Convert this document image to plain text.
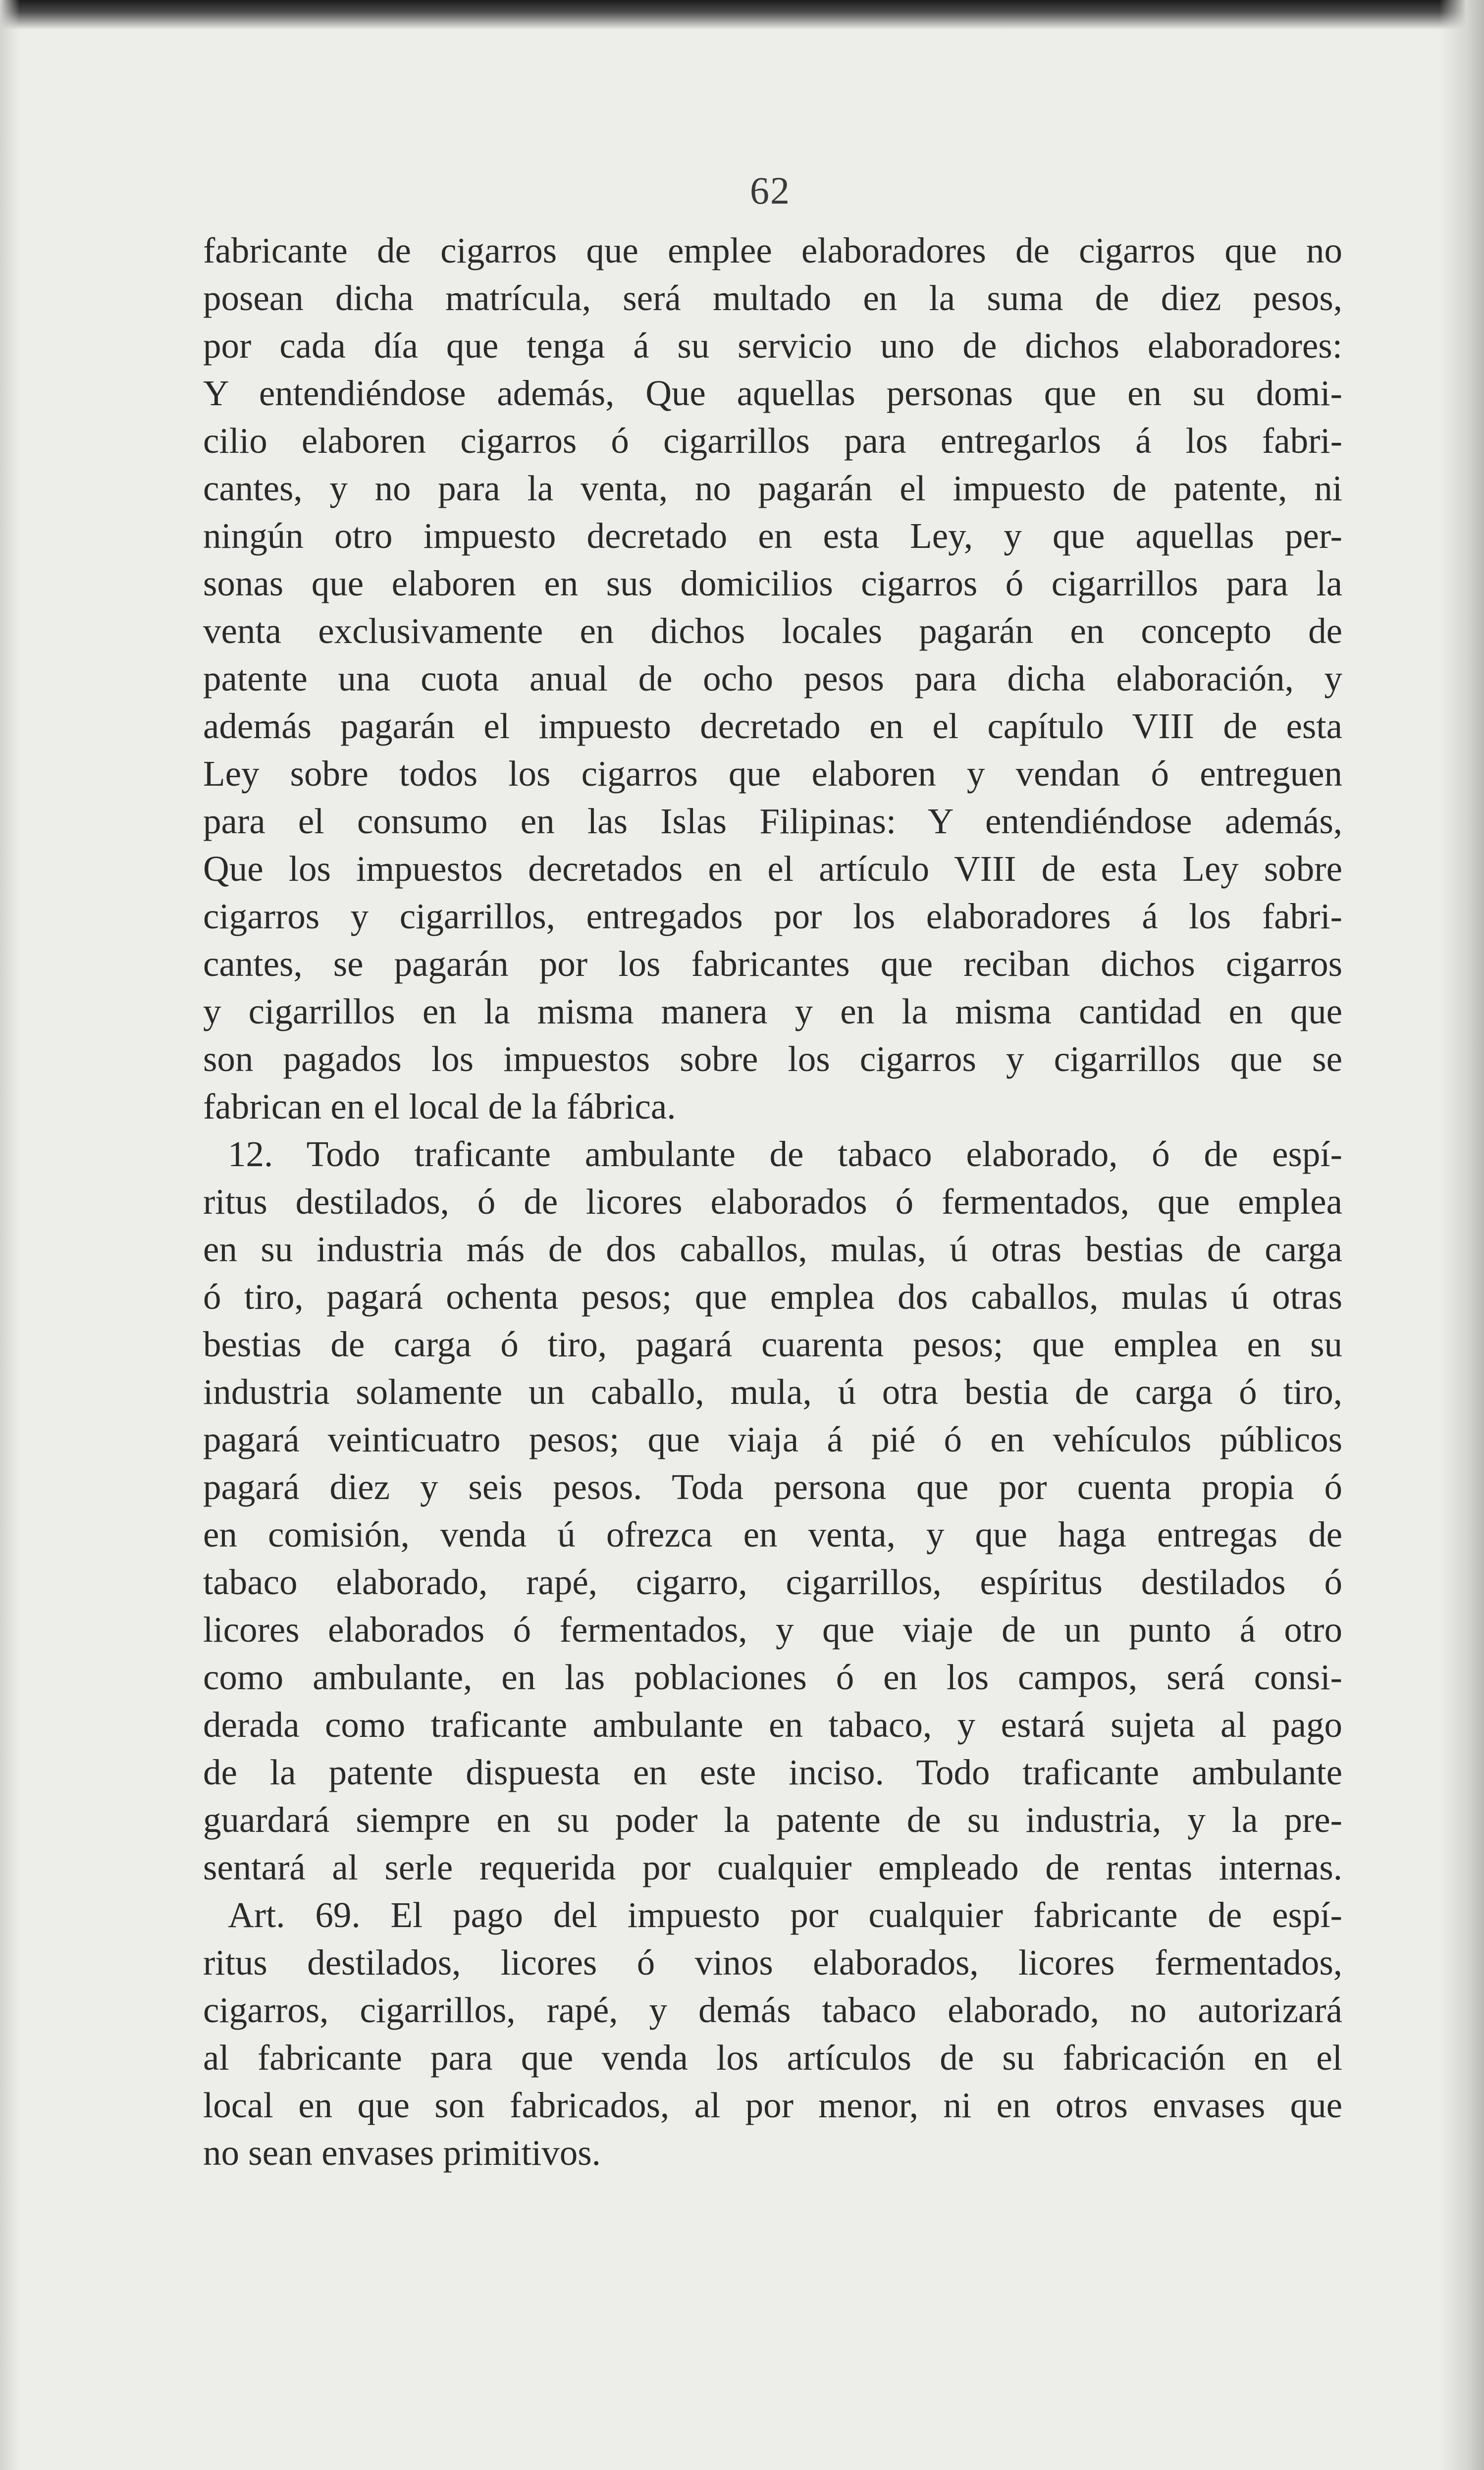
62
fabricante de cigarros que emplee elaboradores de cigarros que no
posean dicha matrícula, será multado en la suma de diez pesos,
por cada día que tenga á su servicio uno de dichos elaboradores:
Y entendiéndose además, Que aquellas personas que en su domi-
cilio elaboren cigarros ó cigarrillos para entregarlos á los fabri-
cantes, y no para la venta, no pagarán el impuesto de patente, ni
ningún otro impuesto decretado en esta Ley, y que aquellas per-
sonas que elaboren en sus domicilios cigarros ó cigarrillos para la
venta exclusivamente en dichos locales pagarán en concepto de
patente una cuota anual de ocho pesos para dicha elaboración, y
además pagarán el impuesto decretado en el capítulo VIII de esta
Ley sobre todos los cigarros que elaboren y vendan ó entreguen
para el consumo en las Islas Filipinas: Y entendiéndose además,
Que los impuestos decretados en el artículo VIII de esta Ley sobre
cigarros y cigarrillos, entregados por los elaboradores á los fabri-
cantes, se pagarán por los fabricantes que reciban dichos cigarros
y cigarrillos en la misma manera y en la misma cantidad en que
son pagados los impuestos sobre los cigarros y cigarrillos que se
fabrican en el local de la fábrica.
12. Todo traficante ambulante de tabaco elaborado, ó de espí-
ritus destilados, ó de licores elaborados ó fermentados, que emplea
en su industria más de dos caballos, mulas, ú otras bestias de carga
ó tiro, pagará ochenta pesos; que emplea dos caballos, mulas ú otras
bestias de carga ó tiro, pagará cuarenta pesos; que emplea en su
industria solamente un caballo, mula, ú otra bestia de carga ó tiro,
pagará veinticuatro pesos; que viaja á pié ó en vehículos públicos
pagará diez y seis pesos. Toda persona que por cuenta propia ó
en comisión, venda ú ofrezca en venta, y que haga entregas de
tabaco elaborado, rapé, cigarro, cigarrillos, espíritus destilados ó
licores elaborados ó fermentados, y que viaje de un punto á otro
como ambulante, en las poblaciones ó en los campos, será consi-
derada como traficante ambulante en tabaco, y estará sujeta al pago
de la patente dispuesta en este inciso. Todo traficante ambulante
guardará siempre en su poder la patente de su industria, y la pre-
sentará al serle requerida por cualquier empleado de rentas internas.
Art. 69. El pago del impuesto por cualquier fabricante de espí-
ritus destilados, licores ó vinos elaborados, licores fermentados,
cigarros, cigarrillos, rapé, y demás tabaco elaborado, no autorizará
al fabricante para que venda los artículos de su fabricación en el
local en que son fabricados, al por menor, ni en otros envases que
no sean envases primitivos.
